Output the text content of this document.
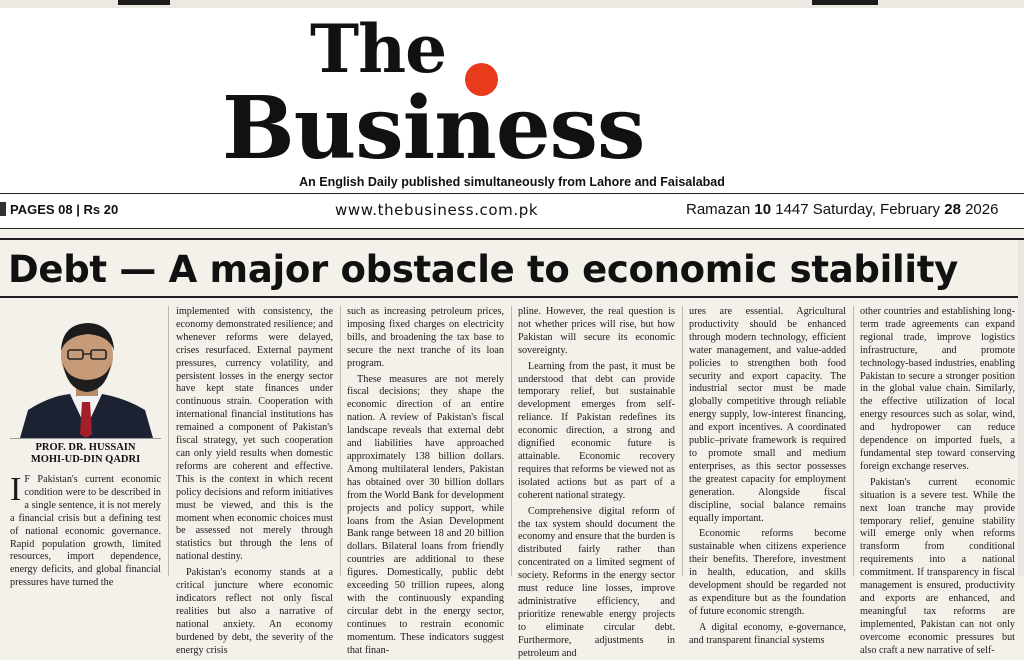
The
Business
An English Daily published simultaneously from Lahore and Faisalabad
PAGES 08 | Rs 20	www.thebusiness.com.pk	Ramazan 10 1447 Saturday, February 28 2026
Debt — A major obstacle to economic stability
PROF. DR. HUSSAIN
MOHI-UD-DIN QADRI

I F Pakistan's current economic condition were to be described in a single sentence, it is not merely a financial crisis but a defining test of national economic governance. Rapid population growth, limited resources, import dependence, energy deficits, and global financial pressures have turned the

implemented with consistency, the economy demonstrated resilience; and whenever reforms were delayed, crises resurfaced. External payment pressures, currency volatility, and persistent losses in the energy sector have kept state finances under continuous strain. Cooperation with international financial institutions has remained a component of Pakistan's fiscal strategy, yet such cooperation can only yield results when domestic reforms are coherent and effective. This is the context in which recent policy decisions and reform initiatives must be viewed, and this is the moment when economic choices must be assessed not merely through statistics but through the lens of national destiny.

Pakistan's economy stands at a critical juncture where economic indicators reflect not only fiscal realities but also a narrative of national anxiety. An economy burdened by debt, the severity of the energy crisis

such as increasing petroleum prices, imposing fixed charges on electricity bills, and broadening the tax base to secure the next tranche of its loan program.

These measures are not merely fiscal decisions; they shape the economic direction of an entire nation. A review of Pakistan's fiscal landscape reveals that external debt and liabilities have approached approximately 138 billion dollars. Among multilateral lenders, Pakistan has obtained over 30 billion dollars from the World Bank for development projects and policy support, while loans from the Asian Development Bank range between 18 and 20 billion dollars. Bilateral loans from friendly countries are additional to these figures. Domestically, public debt exceeding 50 trillion rupees, along with the continuously expanding circular debt in the energy sector, continues to restrain economic momentum. These indicators suggest that finan-

pline. However, the real question is not whether prices will rise, but how Pakistan will secure its economic sovereignty.

Learning from the past, it must be understood that debt can provide temporary relief, but sustainable development emerges from self-reliance. If Pakistan redefines its economic direction, a strong and dignified economic future is attainable. Economic recovery requires that reforms be viewed not as isolated actions but as part of a coherent national strategy.

Comprehensive digital reform of the tax system should document the economy and ensure that the burden is distributed fairly rather than concentrated on a limited segment of society. Reforms in the energy sector must reduce line losses, improve administrative efficiency, and prioritize renewable energy projects to eliminate circular debt. Furthermore, adjustments in petroleum and

ures are essential. Agricultural productivity should be enhanced through modern technology, efficient water management, and value-added policies to strengthen both food security and export capacity. The industrial sector must be made globally competitive through reliable energy supply, low-interest financing, and export incentives. A coordinated public–private framework is required to promote small and medium enterprises, as this sector possesses the greatest capacity for employment generation. Alongside fiscal discipline, social balance remains equally important.

Economic reforms become sustainable when citizens experience their benefits. Therefore, investment in health, education, and skills development should be regarded not as expenditure but as the foundation of future economic strength.

A digital economy, e-governance, and transparent financial systems

other countries and establishing long-term trade agreements can expand regional trade, improve logistics infrastructure, and promote technology-based industries, enabling Pakistan to secure a stronger position in the global value chain. Similarly, the effective utilization of local energy resources such as solar, wind, and hydropower can reduce dependence on imported fuels, a fundamental step toward conserving foreign exchange reserves.

Pakistan's current economic situation is a severe test. While the next loan tranche may provide temporary relief, genuine stability will emerge only when reforms transform from conditional requirements into a national commitment. If transparency in fiscal management is ensured, productivity and exports are enhanced, and meaningful tax reforms are implemented, Pakistan can not only overcome economic pressures but also craft a new narrative of self-
